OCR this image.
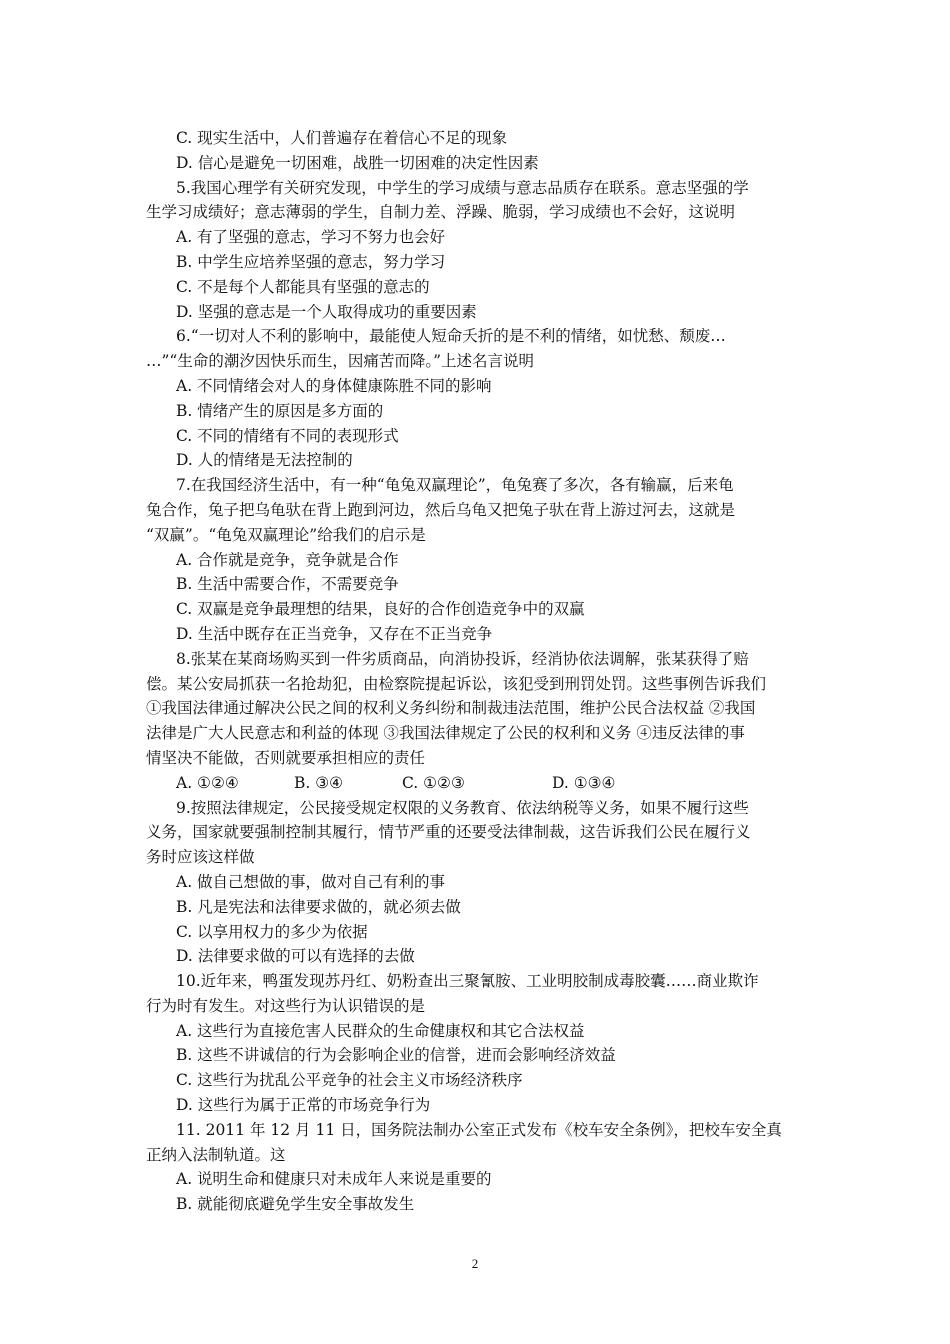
C. 现实生活中，人们普遍存在着信心不足的现象
D. 信心是避免一切困难，战胜一切困难的决定性因素
5.我国心理学有关研究发现，中学生的学习成绩与意志品质存在联系。意志坚强的学
生学习成绩好；意志薄弱的学生，自制力差、浮躁、脆弱，学习成绩也不会好，这说明
A. 有了坚强的意志，学习不努力也会好
B. 中学生应培养坚强的意志，努力学习
C. 不是每个人都能具有坚强的意志的
D. 坚强的意志是一个人取得成功的重要因素
6.“一切对人不利的影响中，最能使人短命夭折的是不利的情绪，如忧愁、颓废…
…”“生命的潮汐因快乐而生，因痛苦而降。”上述名言说明
A. 不同情绪会对人的身体健康陈胜不同的影响
B. 情绪产生的原因是多方面的
C. 不同的情绪有不同的表现形式
D. 人的情绪是无法控制的
7.在我国经济生活中，有一种“龟兔双赢理论”，龟兔赛了多次，各有输赢，后来龟
兔合作，兔子把乌龟驮在背上跑到河边，然后乌龟又把兔子驮在背上游过河去，这就是
“双赢”。“龟兔双赢理论”给我们的启示是
A. 合作就是竞争，竞争就是合作
B. 生活中需要合作，不需要竞争
C. 双赢是竞争最理想的结果，良好的合作创造竞争中的双赢
D. 生活中既存在正当竞争，又存在不正当竞争
8.张某在某商场购买到一件劣质商品，向消协投诉，经消协依法调解，张某获得了赔
偿。某公安局抓获一名抢劫犯，由检察院提起诉讼，该犯受到刑罚处罚。这些事例告诉我们
①我国法律通过解决公民之间的权利义务纠纷和制裁违法范围，维护公民合法权益 ②我国
法律是广大人民意志和利益的体现 ③我国法律规定了公民的权利和义务 ④违反法律的事
情坚决不能做，否则就要承担相应的责任
A. ①②④	B. ③④	C. ①②③	D. ①③④
9.按照法律规定，公民接受规定权限的义务教育、依法纳税等义务，如果不履行这些
义务，国家就要强制控制其履行，情节严重的还要受法律制裁，这告诉我们公民在履行义
务时应该这样做
A. 做自己想做的事，做对自己有利的事
B. 凡是宪法和法律要求做的，就必须去做
C. 以享用权力的多少为依据
D. 法律要求做的可以有选择的去做
10.近年来，鸭蛋发现苏丹红、奶粉查出三聚氰胺、工业明胶制成毒胶囊……商业欺诈
行为时有发生。对这些行为认识错误的是
A. 这些行为直接危害人民群众的生命健康权和其它合法权益
B. 这些不讲诚信的行为会影响企业的信誉，进而会影响经济效益
C. 这些行为扰乱公平竞争的社会主义市场经济秩序
D. 这些行为属于正常的市场竞争行为
11. 2011 年 12 月 11 日，国务院法制办公室正式发布《校车安全条例》，把校车安全真
正纳入法制轨道。这
A. 说明生命和健康只对未成年人来说是重要的
B. 就能彻底避免学生安全事故发生
2
